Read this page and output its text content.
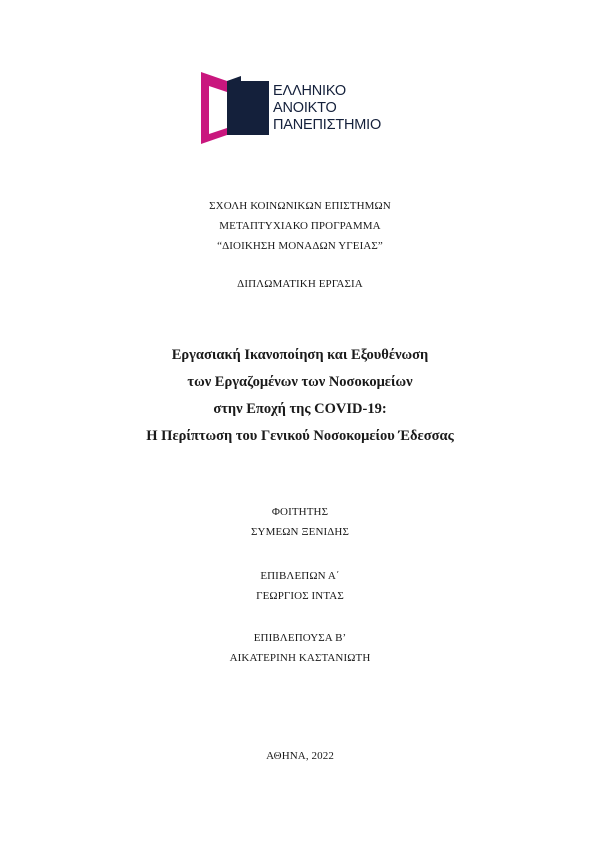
ΕΛΛΗΝΙΚΟ
ΑΝΟΙΚΤΟ
ΠΑΝΕΠΙΣΤΗΜΙΟ
ΣΧΟΛΗ ΚΟΙΝΩΝΙΚΩΝ ΕΠΙΣΤΗΜΩΝ
ΜΕΤΑΠΤΥΧΙΑΚΟ ΠΡΟΓΡΑΜΜΑ
“ΔΙΟΙΚΗΣΗ ΜΟΝΑΔΩΝ ΥΓΕΙΑΣ”
ΔΙΠΛΩΜΑΤΙΚΗ ΕΡΓΑΣΙΑ
Εργασιακή Ικανοποίηση και Εξουθένωση
των Εργαζομένων των Νοσοκομείων
στην Εποχή της COVID-19:
Η Περίπτωση του Γενικού Νοσοκομείου Έδεσσας
ΦΟΙΤΗΤΗΣ
ΣΥΜΕΩΝ ΞΕΝΙΔΗΣ
ΕΠΙΒΛΕΠΩΝ Α΄
ΓΕΩΡΓΙΟΣ ΙΝΤΑΣ
ΕΠΙΒΛΕΠΟΥΣΑ Β’
ΑΙΚΑΤΕΡΙΝΗ ΚΑΣΤΑΝΙΩΤΗ
ΑΘΗΝΑ, 2022
